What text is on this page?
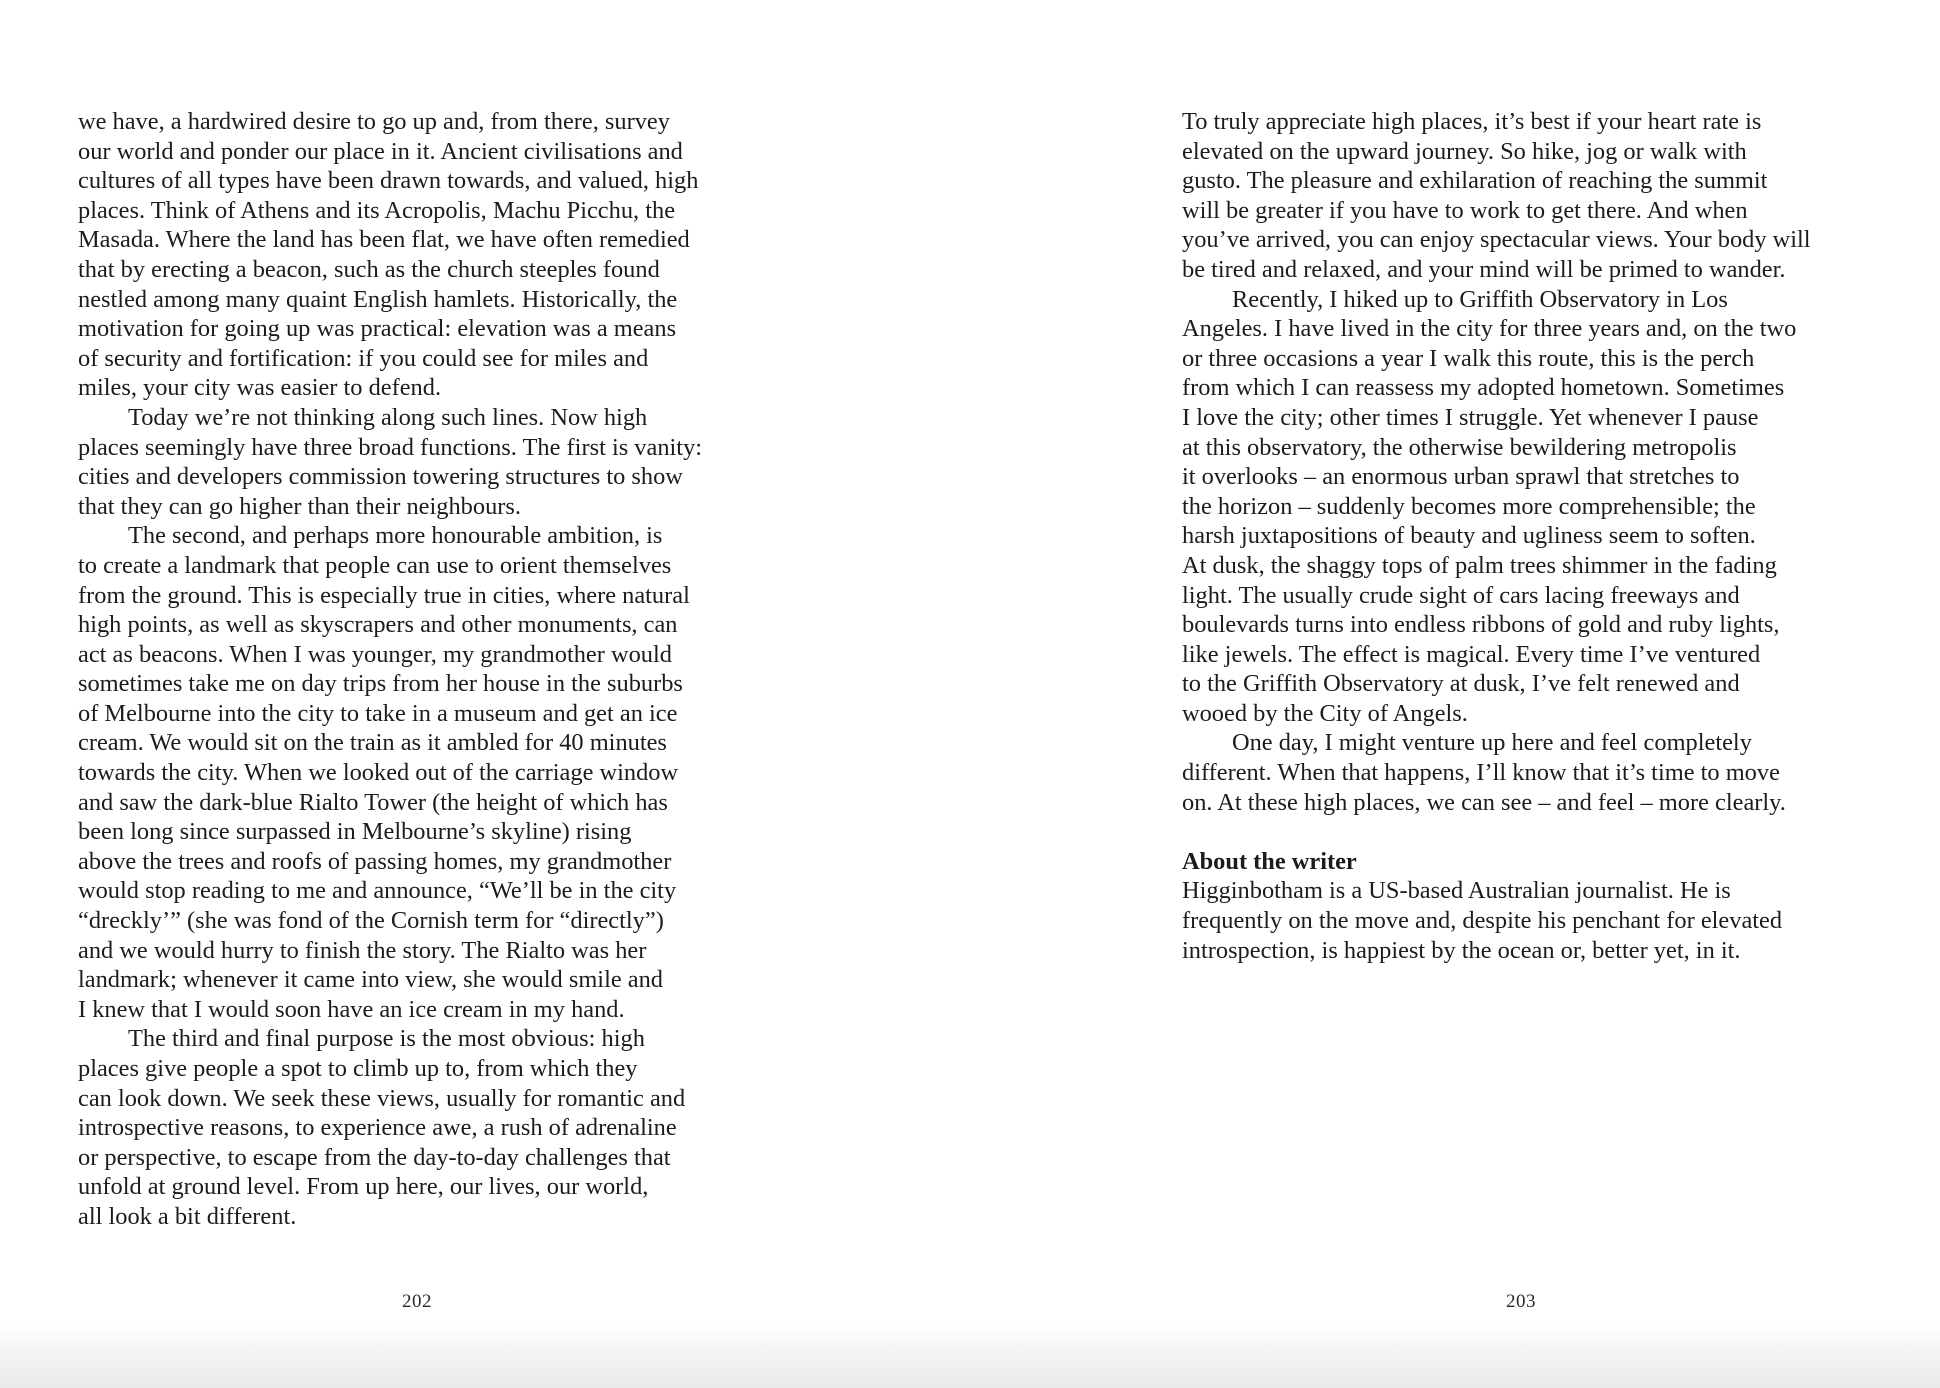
we have, a hardwired desire to go up and, from there, survey
our world and ponder our place in it. Ancient civilisations and
cultures of all types have been drawn towards, and valued, high
places. Think of Athens and its Acropolis, Machu Picchu, the
Masada. Where the land has been flat, we have often remedied
that by erecting a beacon, such as the church steeples found
nestled among many quaint English hamlets. Historically, the
motivation for going up was practical: elevation was a means
of security and fortification: if you could see for miles and
miles, your city was easier to defend.
Today we’re not thinking along such lines. Now high
places seemingly have three broad functions. The first is vanity:
cities and developers commission towering structures to show
that they can go higher than their neighbours.
The second, and perhaps more honourable ambition, is
to create a landmark that people can use to orient themselves
from the ground. This is especially true in cities, where natural
high points, as well as skyscrapers and other monuments, can
act as beacons. When I was younger, my grandmother would
sometimes take me on day trips from her house in the suburbs
of Melbourne into the city to take in a museum and get an ice
cream. We would sit on the train as it ambled for 40 minutes
towards the city. When we looked out of the carriage window
and saw the dark-blue Rialto Tower (the height of which has
been long since surpassed in Melbourne’s skyline) rising
above the trees and roofs of passing homes, my grandmother
would stop reading to me and announce, “We’ll be in the city
“dreckly’” (she was fond of the Cornish term for “directly”)
and we would hurry to finish the story. The Rialto was her
landmark; whenever it came into view, she would smile and
I knew that I would soon have an ice cream in my hand.
The third and final purpose is the most obvious: high
places give people a spot to climb up to, from which they
can look down. We seek these views, usually for romantic and
introspective reasons, to experience awe, a rush of adrenaline
or perspective, to escape from the day-to-day challenges that
unfold at ground level. From up here, our lives, our world,
all look a bit different.
To truly appreciate high places, it’s best if your heart rate is
elevated on the upward journey. So hike, jog or walk with
gusto. The pleasure and exhilaration of reaching the summit
will be greater if you have to work to get there. And when
you’ve arrived, you can enjoy spectacular views. Your body will
be tired and relaxed, and your mind will be primed to wander.
Recently, I hiked up to Griffith Observatory in Los
Angeles. I have lived in the city for three years and, on the two
or three occasions a year I walk this route, this is the perch
from which I can reassess my adopted hometown. Sometimes
I love the city; other times I struggle. Yet whenever I pause
at this observatory, the otherwise bewildering metropolis
it overlooks – an enormous urban sprawl that stretches to
the horizon – suddenly becomes more comprehensible; the
harsh juxtapositions of beauty and ugliness seem to soften.
At dusk, the shaggy tops of palm trees shimmer in the fading
light. The usually crude sight of cars lacing freeways and
boulevards turns into endless ribbons of gold and ruby lights,
like jewels. The effect is magical. Every time I’ve ventured
to the Griffith Observatory at dusk, I’ve felt renewed and
wooed by the City of Angels.
One day, I might venture up here and feel completely
different. When that happens, I’ll know that it’s time to move
on. At these high places, we can see – and feel – more clearly.
About the writer
Higginbotham is a US-based Australian journalist. He is
frequently on the move and, despite his penchant for elevated
introspection, is happiest by the ocean or, better yet, in it.
202	203
